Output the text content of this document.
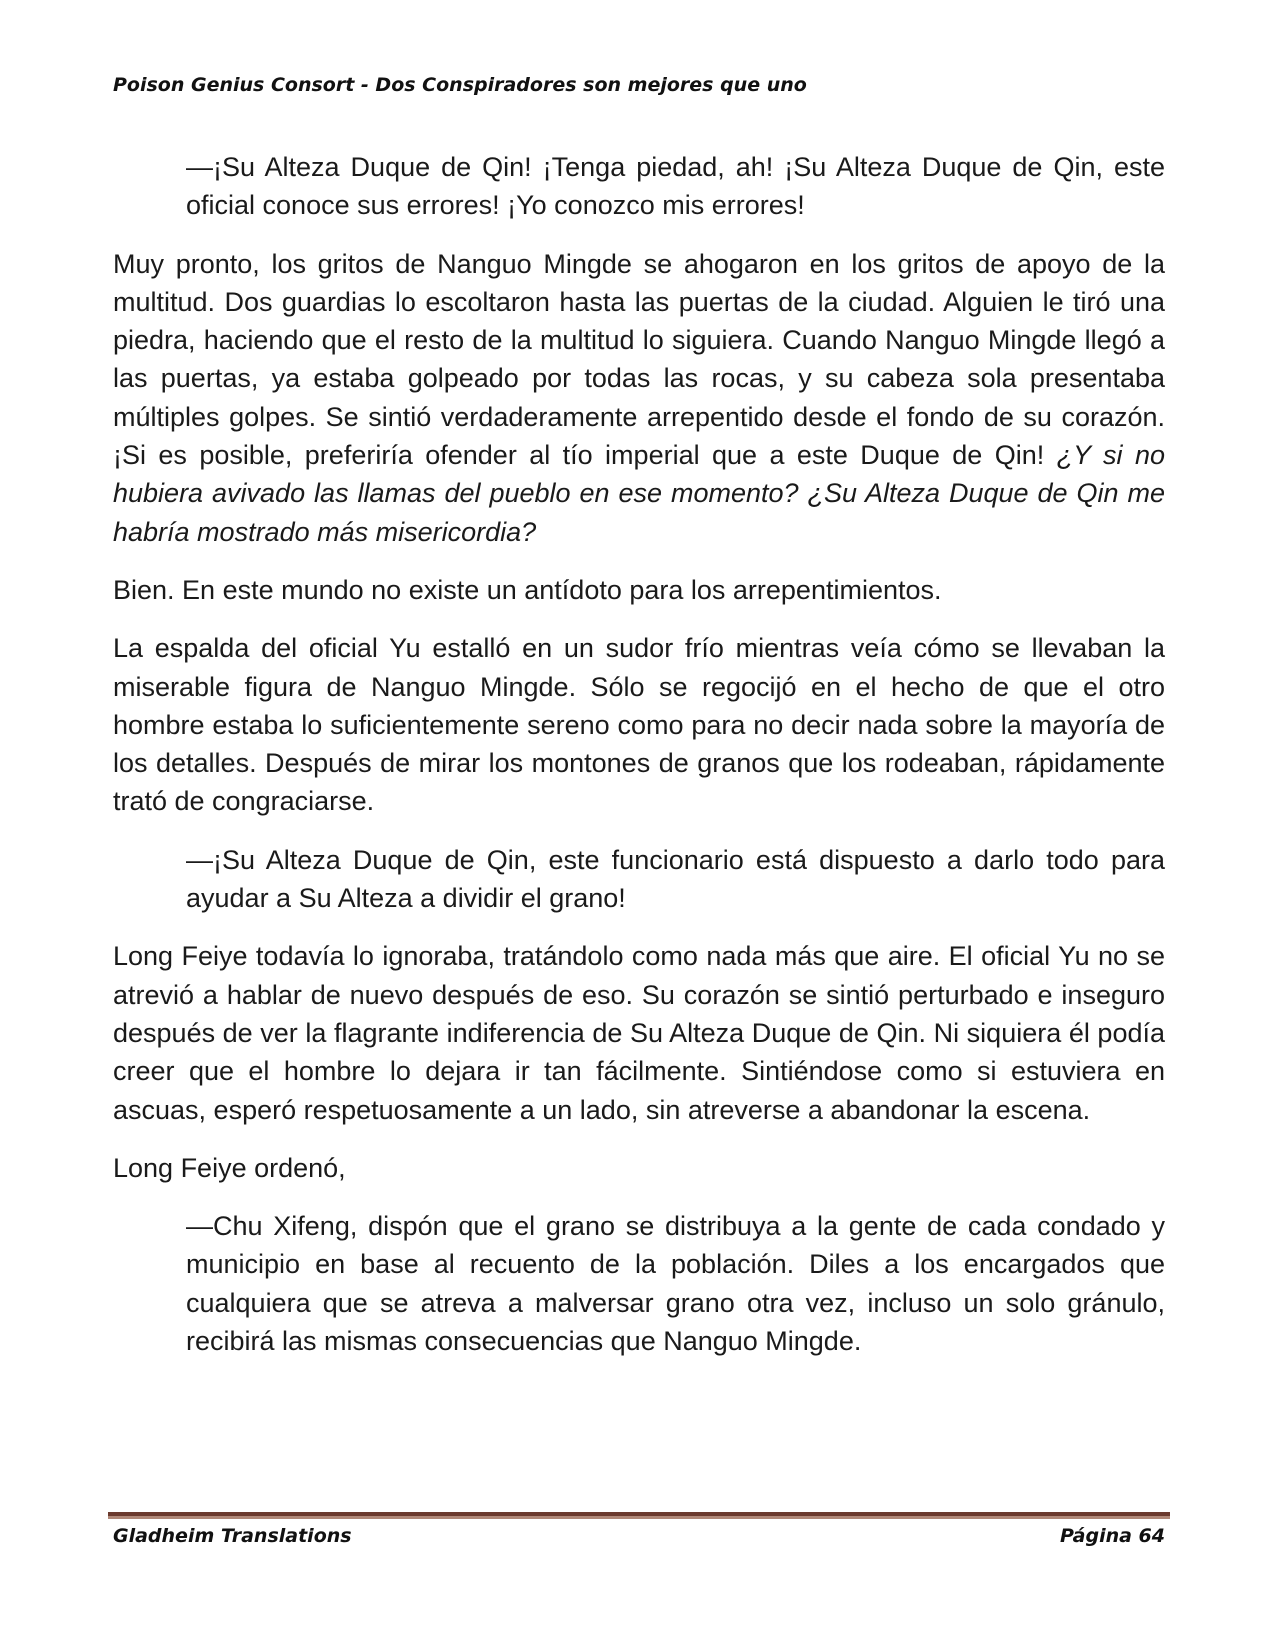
Poison Genius Consort - Dos Conspiradores son mejores que uno

—¡Su Alteza Duque de Qin! ¡Tenga piedad, ah! ¡Su Alteza Duque de Qin, este oficial conoce sus errores! ¡Yo conozco mis errores!

Muy pronto, los gritos de Nanguo Mingde se ahogaron en los gritos de apoyo de la multitud. Dos guardias lo escoltaron hasta las puertas de la ciudad. Alguien le tiró una piedra, haciendo que el resto de la multitud lo siguiera. Cuando Nanguo Mingde llegó a las puertas, ya estaba golpeado por todas las rocas, y su cabeza sola presentaba múltiples golpes. Se sintió verdaderamente arrepentido desde el fondo de su corazón. ¡Si es posible, preferiría ofender al tío imperial que a este Duque de Qin! ¿Y si no hubiera avivado las llamas del pueblo en ese momento? ¿Su Alteza Duque de Qin me habría mostrado más misericordia?

Bien. En este mundo no existe un antídoto para los arrepentimientos.

La espalda del oficial Yu estalló en un sudor frío mientras veía cómo se llevaban la miserable figura de Nanguo Mingde. Sólo se regocijó en el hecho de que el otro hombre estaba lo suficientemente sereno como para no decir nada sobre la mayoría de los detalles. Después de mirar los montones de granos que los rodeaban, rápidamente trató de congraciarse.

—¡Su Alteza Duque de Qin, este funcionario está dispuesto a darlo todo para ayudar a Su Alteza a dividir el grano!

Long Feiye todavía lo ignoraba, tratándolo como nada más que aire. El oficial Yu no se atrevió a hablar de nuevo después de eso. Su corazón se sintió perturbado e inseguro después de ver la flagrante indiferencia de Su Alteza Duque de Qin. Ni siquiera él podía creer que el hombre lo dejara ir tan fácilmente. Sintiéndose como si estuviera en ascuas, esperó respetuosamente a un lado, sin atreverse a abandonar la escena.

Long Feiye ordenó,

—Chu Xifeng, dispón que el grano se distribuya a la gente de cada condado y municipio en base al recuento de la población. Diles a los encargados que cualquiera que se atreva a malversar grano otra vez, incluso un solo gránulo, recibirá las mismas consecuencias que Nanguo Mingde.

Gladheim Translations	Página 64
